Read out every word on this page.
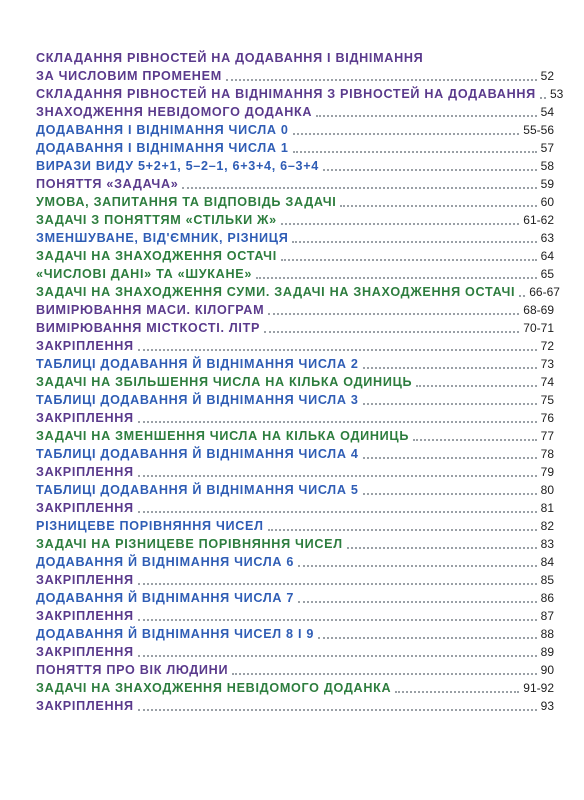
СКЛАДАННЯ РІВНОСТЕЙ НА ДОДАВАННЯ І ВІДНІМАННЯ
ЗА ЧИСЛОВИМ ПРОМЕНЕМ	52
СКЛАДАННЯ РІВНОСТЕЙ НА ВІДНІМАННЯ З РІВНОСТЕЙ НА ДОДАВАННЯ 53
ЗНАХОДЖЕННЯ НЕВІДОМОГО ДОДАНКА	54
ДОДАВАННЯ І ВІДНІМАННЯ ЧИСЛА 0	55-56
ДОДАВАННЯ І ВІДНІМАННЯ ЧИСЛА 1	57
ВИРАЗИ ВИДУ 5+2+1, 5–2–1, 6+3+4, 6–3+4	58
ПОНЯТТЯ «ЗАДАЧА»	59
УМОВА, ЗАПИТАННЯ ТА ВІДПОВІДЬ ЗАДАЧІ	60
ЗАДАЧІ З ПОНЯТТЯМ «СТІЛЬКИ Ж»	61-62
ЗМЕНШУВАНЕ, ВІД'ЄМНИК, РІЗНИЦЯ	63
ЗАДАЧІ НА ЗНАХОДЖЕННЯ ОСТАЧІ	64
«ЧИСЛОВІ ДАНІ» ТА «ШУКАНЕ»	65
ЗАДАЧІ НА ЗНАХОДЖЕННЯ СУМИ. ЗАДАЧІ НА ЗНАХОДЖЕННЯ ОСТАЧІ 66-67
ВИМІРЮВАННЯ МАСИ. КІЛОГРАМ	68-69
ВИМІРЮВАННЯ МІСТКОСТІ. ЛІТР	70-71
ЗАКРІПЛЕННЯ	72
ТАБЛИЦІ ДОДАВАННЯ Й ВІДНІМАННЯ ЧИСЛА 2	73
ЗАДАЧІ НА ЗБІЛЬШЕННЯ ЧИСЛА НА КІЛЬКА ОДИНИЦЬ	74
ТАБЛИЦІ ДОДАВАННЯ Й ВІДНІМАННЯ ЧИСЛА 3	75
ЗАКРІПЛЕННЯ	76
ЗАДАЧІ НА ЗМЕНШЕННЯ ЧИСЛА НА КІЛЬКА ОДИНИЦЬ	77
ТАБЛИЦІ ДОДАВАННЯ Й ВІДНІМАННЯ ЧИСЛА 4	78
ЗАКРІПЛЕННЯ	79
ТАБЛИЦІ ДОДАВАННЯ Й ВІДНІМАННЯ ЧИСЛА 5	80
ЗАКРІПЛЕННЯ	81
РІЗНИЦЕВЕ ПОРІВНЯННЯ ЧИСЕЛ	82
ЗАДАЧІ НА РІЗНИЦЕВЕ ПОРІВНЯННЯ ЧИСЕЛ	83
ДОДАВАННЯ Й ВІДНІМАННЯ ЧИСЛА 6	84
ЗАКРІПЛЕННЯ	85
ДОДАВАННЯ Й ВІДНІМАННЯ ЧИСЛА 7	86
ЗАКРІПЛЕННЯ	87
ДОДАВАННЯ Й ВІДНІМАННЯ ЧИСЕЛ 8 І 9	88
ЗАКРІПЛЕННЯ	89
ПОНЯТТЯ ПРО ВІК ЛЮДИНИ	90
ЗАДАЧІ НА ЗНАХОДЖЕННЯ НЕВІДОМОГО ДОДАНКА	91-92
ЗАКРІПЛЕННЯ	93
